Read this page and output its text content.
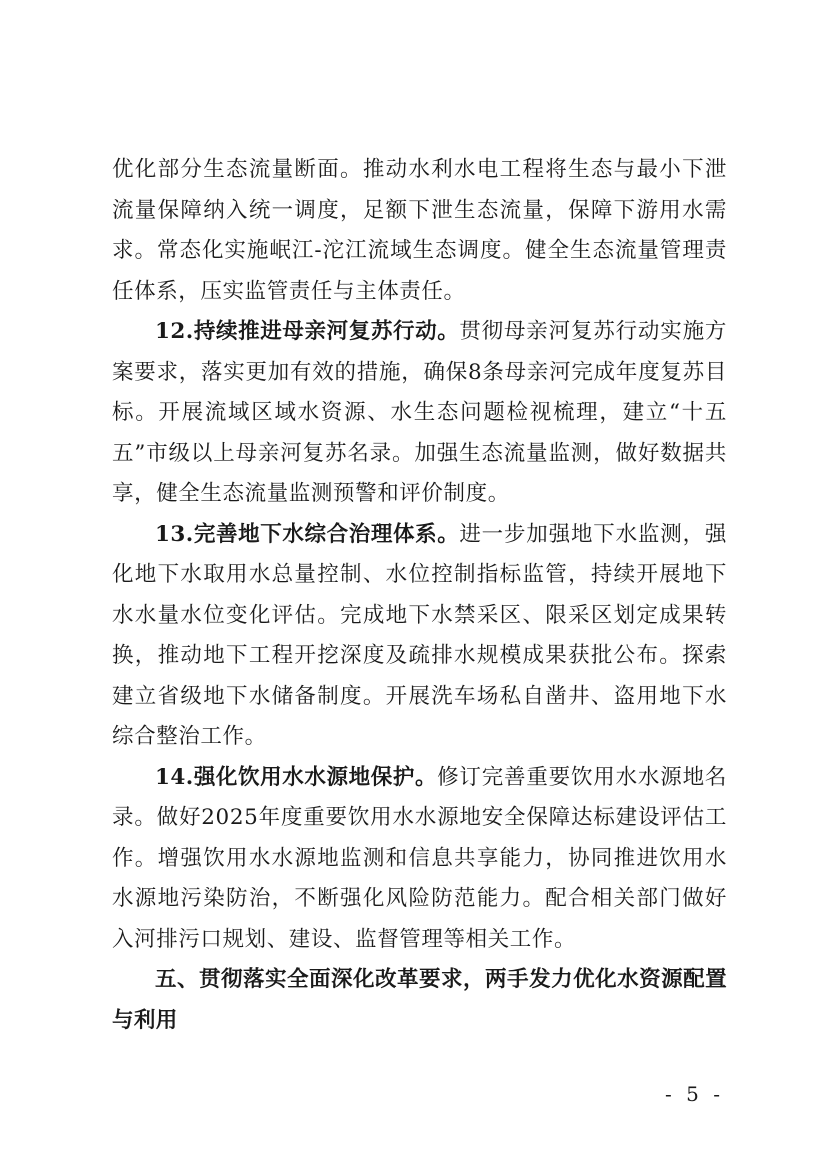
优化部分生态流量断面。推动水利水电工程将生态与最小下泄流量保障纳入统一调度，足额下泄生态流量，保障下游用水需求。常态化实施岷江-沱江流域生态调度。健全生态流量管理责任体系，压实监管责任与主体责任。

12.持续推进母亲河复苏行动。贯彻母亲河复苏行动实施方案要求，落实更加有效的措施，确保8条母亲河完成年度复苏目标。开展流域区域水资源、水生态问题检视梳理，建立“十五五”市级以上母亲河复苏名录。加强生态流量监测，做好数据共享，健全生态流量监测预警和评价制度。

13.完善地下水综合治理体系。进一步加强地下水监测，强化地下水取用水总量控制、水位控制指标监管，持续开展地下水水量水位变化评估。完成地下水禁采区、限采区划定成果转换，推动地下工程开挖深度及疏排水规模成果获批公布。探索建立省级地下水储备制度。开展洗车场私自凿井、盗用地下水综合整治工作。

14.强化饮用水水源地保护。修订完善重要饮用水水源地名录。做好2025年度重要饮用水水源地安全保障达标建设评估工作。增强饮用水水源地监测和信息共享能力，协同推进饮用水水源地污染防治，不断强化风险防范能力。配合相关部门做好入河排污口规划、建设、监督管理等相关工作。

五、贯彻落实全面深化改革要求，两手发力优化水资源配置与利用

- 5 -
